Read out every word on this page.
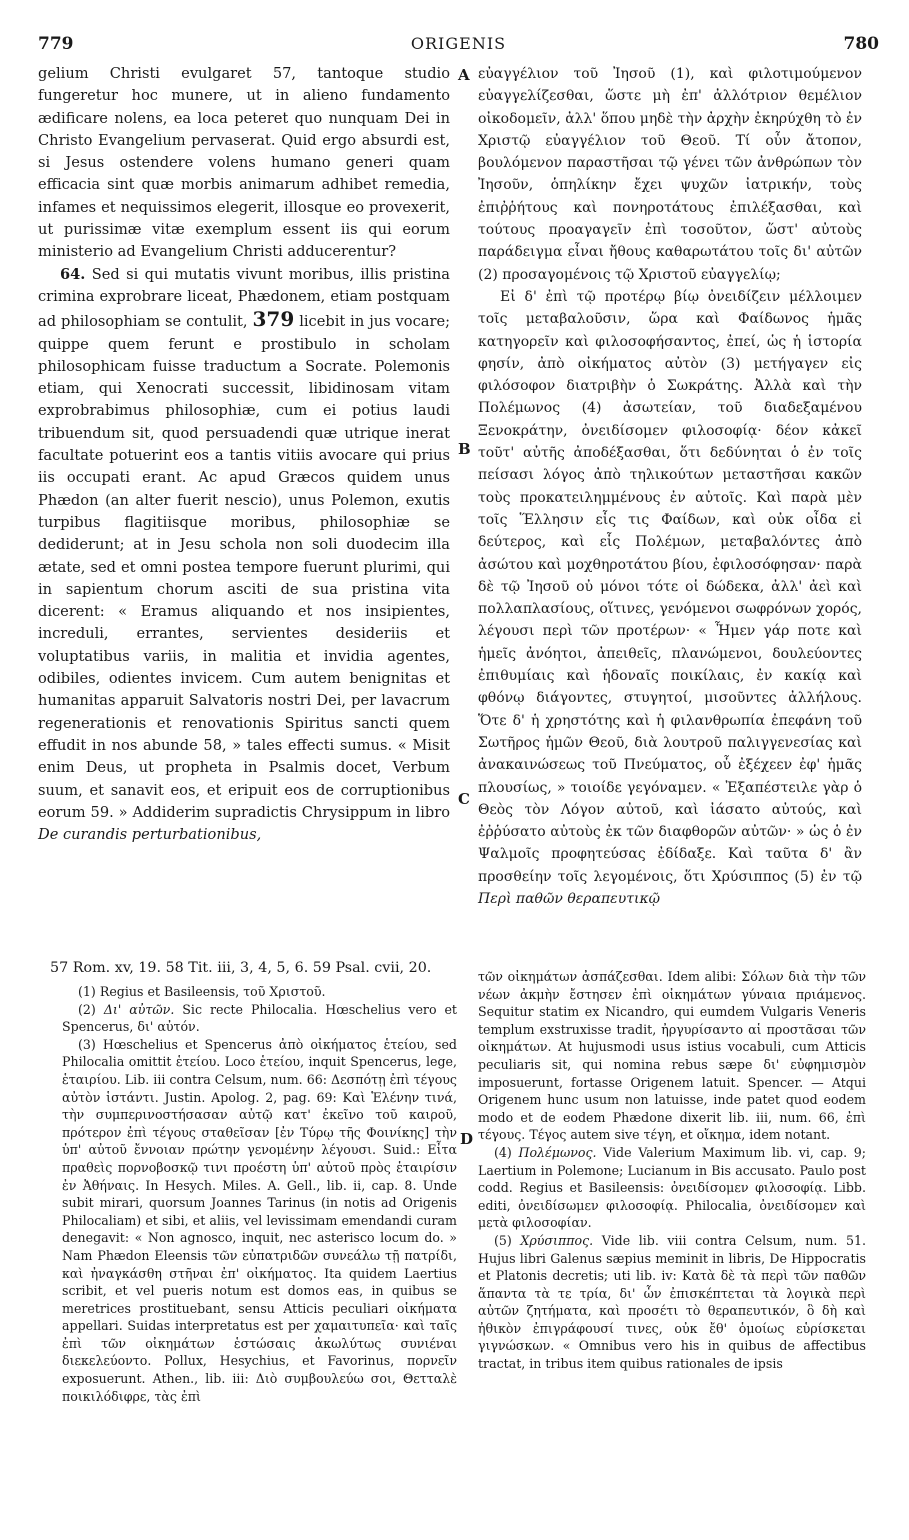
779	ORIGENIS	780
A
B
C
D

gelium Christi evulgaret 57, tantoque studio fungeretur hoc munere, ut in alieno fundamento ædificare nolens, ea loca peteret quo nunquam Dei in Christo Evangelium pervaserat. Quid ergo absurdi est, si Jesus ostendere volens humano generi quam efficacia sint quæ morbis animarum adhibet remedia, infames et nequissimos elegerit, illosque eo provexerit, ut purissimæ vitæ exemplum essent iis qui eorum ministerio ad Evangelium Christi adducerentur?

64. Sed si qui mutatis vivunt moribus, illis pristina crimina exprobrare liceat, Phædonem, etiam postquam ad philosophiam se contulit, 379 licebit in jus vocare; quippe quem ferunt e prostibulo in scholam philosophicam fuisse traductum a Socrate. Polemonis etiam, qui Xenocrati successit, libidinosam vitam exprobrabimus philosophiæ, cum ei potius laudi tribuendum sit, quod persuadendi quæ utrique inerat facultate potuerint eos a tantis vitiis avocare qui prius iis occupati erant. Ac apud Græcos quidem unus Phædon (an alter fuerit nescio), unus Polemon, exutis turpibus flagitiisque moribus, philosophiæ se dediderunt; at in Jesu schola non soli duodecim illa ætate, sed et omni postea tempore fuerunt plurimi, qui in sapientum chorum asciti de sua pristina vita dicerent: « Eramus aliquando et nos insipientes, increduli, errantes, servientes desideriis et voluptatibus variis, in malitia et invidia agentes, odibiles, odientes invicem. Cum autem benignitas et humanitas apparuit Salvatoris nostri Dei, per lavacrum regenerationis et renovationis Spiritus sancti quem effudit in nos abunde 58, » tales effecti sumus. « Misit enim Deus, ut propheta in Psalmis docet, Verbum suum, et sanavit eos, et eripuit eos de corruptionibus eorum 59. » Addiderim supradictis Chrysippum in libro De curandis perturbationibus,

εὐαγγέλιον τοῦ Ἰησοῦ (1), καὶ φιλοτιμούμενον εὐαγγελίζεσθαι, ὥστε μὴ ἐπ' ἀλλότριον θεμέλιον οἰκοδομεῖν, ἀλλ' ὅπου μηδὲ τὴν ἀρχὴν ἐκηρύχθη τὸ ἐν Χριστῷ εὐαγγέλιον τοῦ Θεοῦ. Τί οὖν ἄτοπον, βουλόμενον παραστῆσαι τῷ γένει τῶν ἀνθρώπων τὸν Ἰησοῦν, ὁπηλίκην ἔχει ψυχῶν ἰατρικήν, τοὺς ἐπιῤῥήτους καὶ πονηροτάτους ἐπιλέξασθαι, καὶ τούτους προαγαγεῖν ἐπὶ τοσοῦτον, ὥστ' αὐτοὺς παράδειγμα εἶναι ἤθους καθαρωτάτου τοῖς δι' αὐτῶν (2) προσαγομένοις τῷ Χριστοῦ εὐαγγελίῳ;

Εἰ δ' ἐπὶ τῷ προτέρῳ βίῳ ὀνειδίζειν μέλλοιμεν τοῖς μεταβαλοῦσιν, ὥρα καὶ Φαίδωνος ἡμᾶς κατηγορεῖν καὶ φιλοσοφήσαντος, ἐπεί, ὡς ἡ ἱστορία φησίν, ἀπὸ οἰκήματος αὐτὸν (3) μετήγαγεν εἰς φιλόσοφον διατριβὴν ὁ Σωκράτης. Ἀλλὰ καὶ τὴν Πολέμωνος (4) ἀσωτείαν, τοῦ διαδεξαμένου Ξενοκράτην, ὀνειδίσομεν φιλοσοφίᾳ· δέον κἀκεῖ τοῦτ' αὐτῆς ἀποδέξασθαι, ὅτι δεδύνηται ὁ ἐν τοῖς πείσασι λόγος ἀπὸ τηλικούτων μεταστῆσαι κακῶν τοὺς προκατειλημμένους ἐν αὐτοῖς. Καὶ παρὰ μὲν τοῖς Ἕλλησιν εἷς τις Φαίδων, καὶ οὐκ οἶδα εἰ δεύτερος, καὶ εἷς Πολέμων, μεταβαλόντες ἀπὸ ἀσώτου καὶ μοχθηροτάτου βίου, ἐφιλοσόφησαν· παρὰ δὲ τῷ Ἰησοῦ οὐ μόνοι τότε οἱ δώδεκα, ἀλλ' ἀεὶ καὶ πολλαπλασίους, οἵτινες, γενόμενοι σωφρόνων χορός, λέγουσι περὶ τῶν προτέρων· « Ἦμεν γάρ ποτε καὶ ἡμεῖς ἀνόητοι, ἀπειθεῖς, πλανώμενοι, δουλεύοντες ἐπιθυμίαις καὶ ἡδοναῖς ποικίλαις, ἐν κακίᾳ καὶ φθόνῳ διάγοντες, στυγητοί, μισοῦντες ἀλλήλους. Ὅτε δ' ἡ χρηστότης καὶ ἡ φιλανθρωπία ἐπεφάνη τοῦ Σωτῆρος ἡμῶν Θεοῦ, διὰ λουτροῦ παλιγγενεσίας καὶ ἀνακαινώσεως τοῦ Πνεύματος, οὗ ἐξέχεεν ἐφ' ἡμᾶς πλουσίως, » τοιοίδε γεγόναμεν. « Ἐξαπέστειλε γὰρ ὁ Θεὸς τὸν Λόγον αὐτοῦ, καὶ ἰάσατο αὐτούς, καὶ ἐῤῥύσατο αὐτοὺς ἐκ τῶν διαφθορῶν αὐτῶν· » ὡς ὁ ἐν Ψαλμοῖς προφητεύσας ἐδίδαξε. Καὶ ταῦτα δ' ἂν προσθείην τοῖς λεγομένοις, ὅτι Χρύσιππος (5) ἐν τῷ Περὶ παθῶν θεραπευτικῷ

57 Rom. xv, 19. 58 Tit. iii, 3, 4, 5, 6. 59 Psal. cvii, 20.

(1) Regius et Basileensis, τοῦ Χριστοῦ.

(2) Δι' αὐτῶν. Sic recte Philocalia. Hœschelius vero et Spencerus, δι' αὐτόν.

(3) Hœschelius et Spencerus ἀπὸ οἰκήματος ἑτείου, sed Philocalia omittit ἑτείου. Loco ἑτείου, inquit Spencerus, lege, ἑταιρίου. Lib. iii contra Celsum, num. 66: Δεσπότῃ ἐπὶ τέγους αὐτὸν ἱστάντι. Justin. Apolog. 2, pag. 69: Καὶ Ἑλένην τινά, τὴν συμπερινοστήσασαν αὐτῷ κατ' ἐκεῖνο τοῦ καιροῦ, πρότερον ἐπὶ τέγους σταθεῖσαν [ἐν Τύρῳ τῆς Φοινίκης] τὴν ὑπ' αὐτοῦ ἔννοιαν πρώτην γενομένην λέγουσι. Suid.: Εἶτα πραθεὶς πορνοβοσκῷ τινι προέστη ὑπ' αὐτοῦ πρὸς ἑταιρίσιν ἐν Ἀθήναις. In Hesych. Miles. A. Gell., lib. ii, cap. 8. Unde subit mirari, quorsum Joannes Tarinus (in notis ad Origenis Philocaliam) et sibi, et aliis, vel levissimam emendandi curam denegavit: « Non agnosco, inquit, nec asterisco locum do. » Nam Phædon Eleensis τῶν εὐπατριδῶν συνεάλω τῇ πατρίδι, καὶ ἠναγκάσθη στῆναι ἐπ' οἰκήματος. Ita quidem Laertius scribit, et vel pueris notum est domos eas, in quibus se meretrices prostituebant, sensu Atticis peculiari οἰκήματα appellari. Suidas interpretatus est per χαμαιτυπεῖα· καὶ ταῖς ἐπὶ τῶν οἰκημάτων ἑστώσαις ἀκωλύτως συνιέναι διεκελεύοντο. Pollux, Hesychius, et Favorinus, πορνεῖν exposuerunt. Athen., lib. iii: Διὸ συμβουλεύω σοι, Θετταλὲ ποικιλόδιφρε, τὰς ἐπὶ

τῶν οἰκημάτων ἀσπάζεσθαι. Idem alibi: Σόλων διὰ τὴν τῶν νέων ἀκμὴν ἔστησεν ἐπὶ οἰκημάτων γύναια πριάμενος. Sequitur statim ex Nicandro, qui eumdem Vulgaris Veneris templum exstruxisse tradit, ἠργυρίσαντο αἱ προστᾶσαι τῶν οἰκημάτων. At hujusmodi usus istius vocabuli, cum Atticis peculiaris sit, qui nomina rebus sæpe δι' εὐφημισμὸν imposuerunt, fortasse Origenem latuit. Spencer. — Atqui Origenem hunc usum non latuisse, inde patet quod eodem modo et de eodem Phædone dixerit lib. iii, num. 66, ἐπὶ τέγους. Τέγος autem sive τέγη, et οἴκημα, idem notant.

(4) Πολέμωνος. Vide Valerium Maximum lib. vi, cap. 9; Laertium in Polemone; Lucianum in Bis accusato. Paulo post codd. Regius et Basileensis: ὀνειδίσομεν φιλοσοφίᾳ. Libb. editi, ὀνειδίσωμεν φιλοσοφίᾳ. Philocalia, ὀνειδίσομεν καὶ μετὰ φιλοσοφίαν.

(5) Χρύσιππος. Vide lib. viii contra Celsum, num. 51. Hujus libri Galenus sæpius meminit in libris, De Hippocratis et Platonis decretis; uti lib. iv: Κατὰ δὲ τὰ περὶ τῶν παθῶν ἅπαντα τὰ τε τρία, δι' ὧν ἐπισκέπτεται τὰ λογικὰ περὶ αὐτῶν ζητήματα, καὶ προσέτι τὸ θεραπευτικόν, ὃ δὴ καὶ ἠθικὸν ἐπιγράφουσί τινες, οὐκ ἔθ' ὁμοίως εὑρίσκεται γιγνώσκων. « Omnibus vero his in quibus de affectibus tractat, in tribus item quibus rationales de ipsis
